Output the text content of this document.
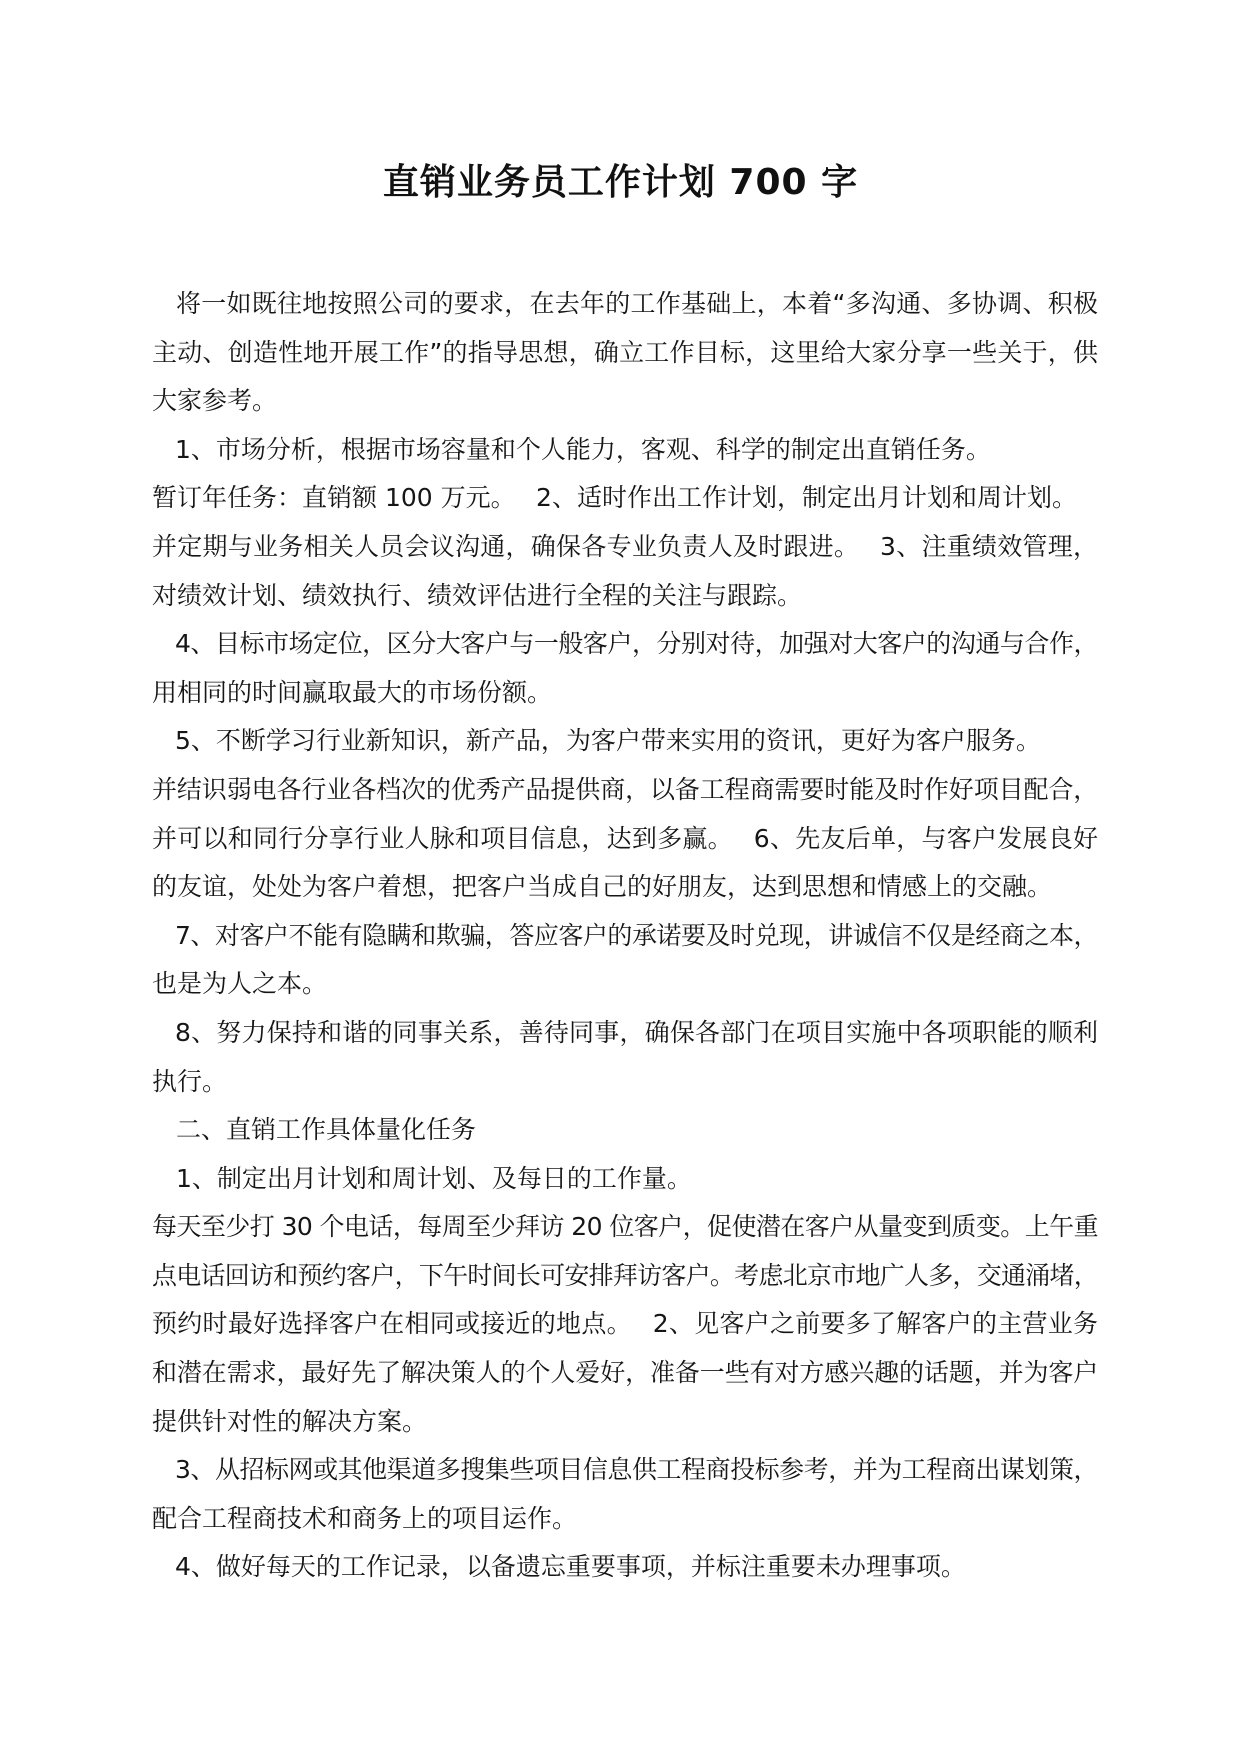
直销业务员工作计划 700 字
将一如既往地按照公司的要求，在去年的工作基础上，本着“多沟通、多协调、积极
主动、创造性地开展工作”的指导思想，确立工作目标，这里给大家分享一些关于，供
大家参考。
1、市场分析，根据市场容量和个人能力，客观、科学的制定出直销任务。
暂订年任务：直销额 100 万元。　 2、适时作出工作计划，制定出月计划和周计划。
并定期与业务相关人员会议沟通，确保各专业负责人及时跟进。　 3、注重绩效管理，
对绩效计划、绩效执行、绩效评估进行全程的关注与跟踪。
4、目标市场定位，区分大客户与一般客户，分别对待，加强对大客户的沟通与合作，
用相同的时间赢取最大的市场份额。
5、不断学习行业新知识，新产品，为客户带来实用的资讯，更好为客户服务。
并结识弱电各行业各档次的优秀产品提供商，以备工程商需要时能及时作好项目配合，
并可以和同行分享行业人脉和项目信息，达到多赢。　 6、先友后单，与客户发展良好
的友谊，处处为客户着想，把客户当成自己的好朋友，达到思想和情感上的交融。
7、对客户不能有隐瞒和欺骗，答应客户的承诺要及时兑现，讲诚信不仅是经商之本，
也是为人之本。
8、努力保持和谐的同事关系，善待同事，确保各部门在项目实施中各项职能的顺利
执行。
二、直销工作具体量化任务
1、制定出月计划和周计划、及每日的工作量。
每天至少打 30 个电话，每周至少拜访 20 位客户，促使潜在客户从量变到质变。上午重
点电话回访和预约客户，下午时间长可安排拜访客户。考虑北京市地广人多，交通涌堵，
预约时最好选择客户在相同或接近的地点。　 2、见客户之前要多了解客户的主营业务
和潜在需求，最好先了解决策人的个人爱好，准备一些有对方感兴趣的话题，并为客户
提供针对性的解决方案。
3、从招标网或其他渠道多搜集些项目信息供工程商投标参考，并为工程商出谋划策，
配合工程商技术和商务上的项目运作。
4、做好每天的工作记录，以备遗忘重要事项，并标注重要未办理事项。
